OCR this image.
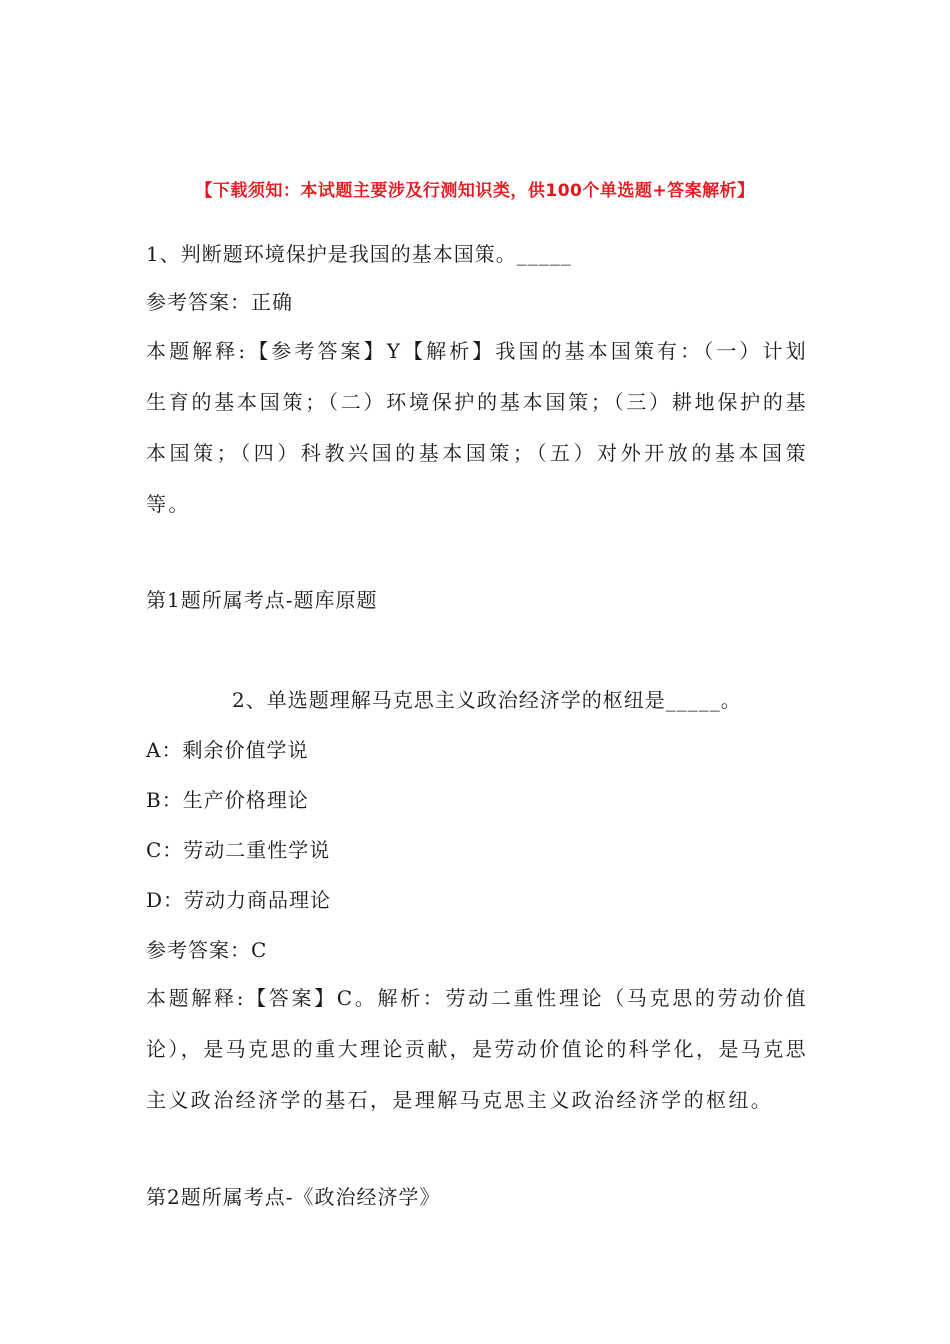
【下载须知：本试题主要涉及行测知识类，供100个单选题+答案解析】
1、判断题环境保护是我国的基本国策。_____
参考答案：正确
本题解释:【参考答案】Y【解析】我国的基本国策有：（一）计划生育的基本国策；（二）环境保护的基本国策；（三）耕地保护的基本国策；（四）科教兴国的基本国策；（五）对外开放的基本国策等。
第1题所属考点-题库原题
2、单选题理解马克思主义政治经济学的枢纽是_____。
A：剩余价值学说
B：生产价格理论
C：劳动二重性学说
D：劳动力商品理论
参考答案：C
本题解释:【答案】C。解析：劳动二重性理论（马克思的劳动价值论），是马克思的重大理论贡献，是劳动价值论的科学化，是马克思主义政治经济学的基石，是理解马克思主义政治经济学的枢纽。
第2题所属考点-《政治经济学》
